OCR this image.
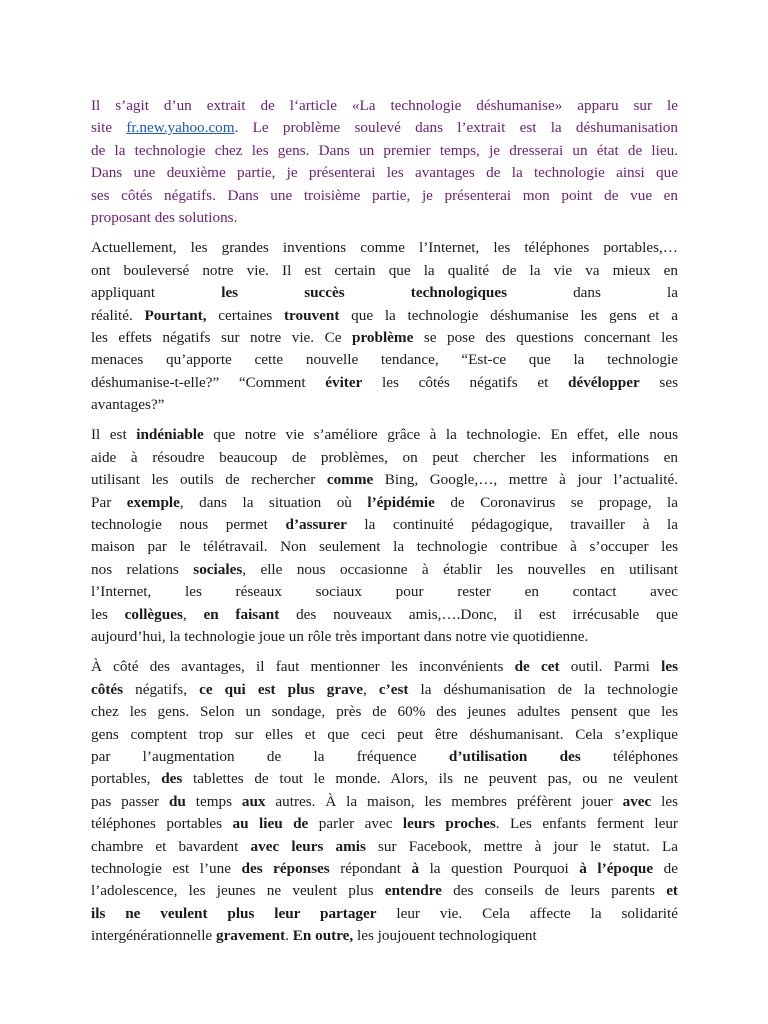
Il s’agit d’un extrait de l‘article «La technologie déshumanise» apparu sur le
site fr.new.yahoo.com. Le problème soulevé dans l’extrait est la déshumanisation
de la technologie chez les gens. Dans un premier temps, je dresserai un état de lieu.
Dans une deuxième partie, je présenterai les avantages de la technologie ainsi que
ses côtés négatifs. Dans une troisième partie, je présenterai mon point de vue en
proposant des solutions.
Actuellement, les grandes inventions comme l’Internet, les téléphones portables,…
ont bouleversé notre vie. Il est certain que la qualité de la vie va mieux en
appliquant les succès technologiques dans la
réalité. Pourtant, certaines trouvent que la technologie déshumanise les gens et a
les effets négatifs sur notre vie. Ce problème se pose des questions concernant les
menaces qu’apporte cette nouvelle tendance, “Est-ce que la technologie
déshumanise-t-elle?” “Comment éviter les côtés négatifs et dévélopper ses
avantages?”
Il est indéniable que notre vie s’améliore grâce à la technologie. En effet, elle nous
aide à résoudre beaucoup de problèmes, on peut chercher les informations en
utilisant les outils de rechercher comme Bing, Google,…, mettre à jour l’actualité.
Par exemple, dans la situation où l’épidémie de Coronavirus se propage, la
technologie nous permet d’assurer la continuité pédagogique, travailler à la
maison par le télétravail. Non seulement la technologie contribue à s’occuper les
nos relations sociales, elle nous occasionne à établir les nouvelles en utilisant
l’Internet, les réseaux sociaux pour rester en contact avec
les collègues, en faisant des nouveaux amis,….Donc, il est irrécusable que
aujourd’hui, la technologie joue un rôle très important dans notre vie quotidienne.
À côté des avantages, il faut mentionner les inconvénients de cet outil. Parmi les
côtés négatifs, ce qui est plus grave, c’est la déshumanisation de la technologie
chez les gens. Selon un sondage, près de 60% des jeunes adultes pensent que les
gens comptent trop sur elles et que ceci peut être déshumanisant. Cela s’explique
par l’augmentation de la fréquence d’utilisation des téléphones
portables, des tablettes de tout le monde. Alors, ils ne peuvent pas, ou ne veulent
pas passer du temps aux autres. À la maison, les membres préfèrent jouer avec les
téléphones portables au lieu de parler avec leurs proches. Les enfants ferment leur
chambre et bavardent avec leurs amis sur Facebook, mettre à jour le statut. La
technologie est l’une des réponses répondant à la question Pourquoi à l’époque de
l’adolescence, les jeunes ne veulent plus entendre des conseils de leurs parents et
ils ne veulent plus leur partager leur vie. Cela affecte la solidarité
intergénérationnelle gravement. En outre, les joujouent technologiquent
